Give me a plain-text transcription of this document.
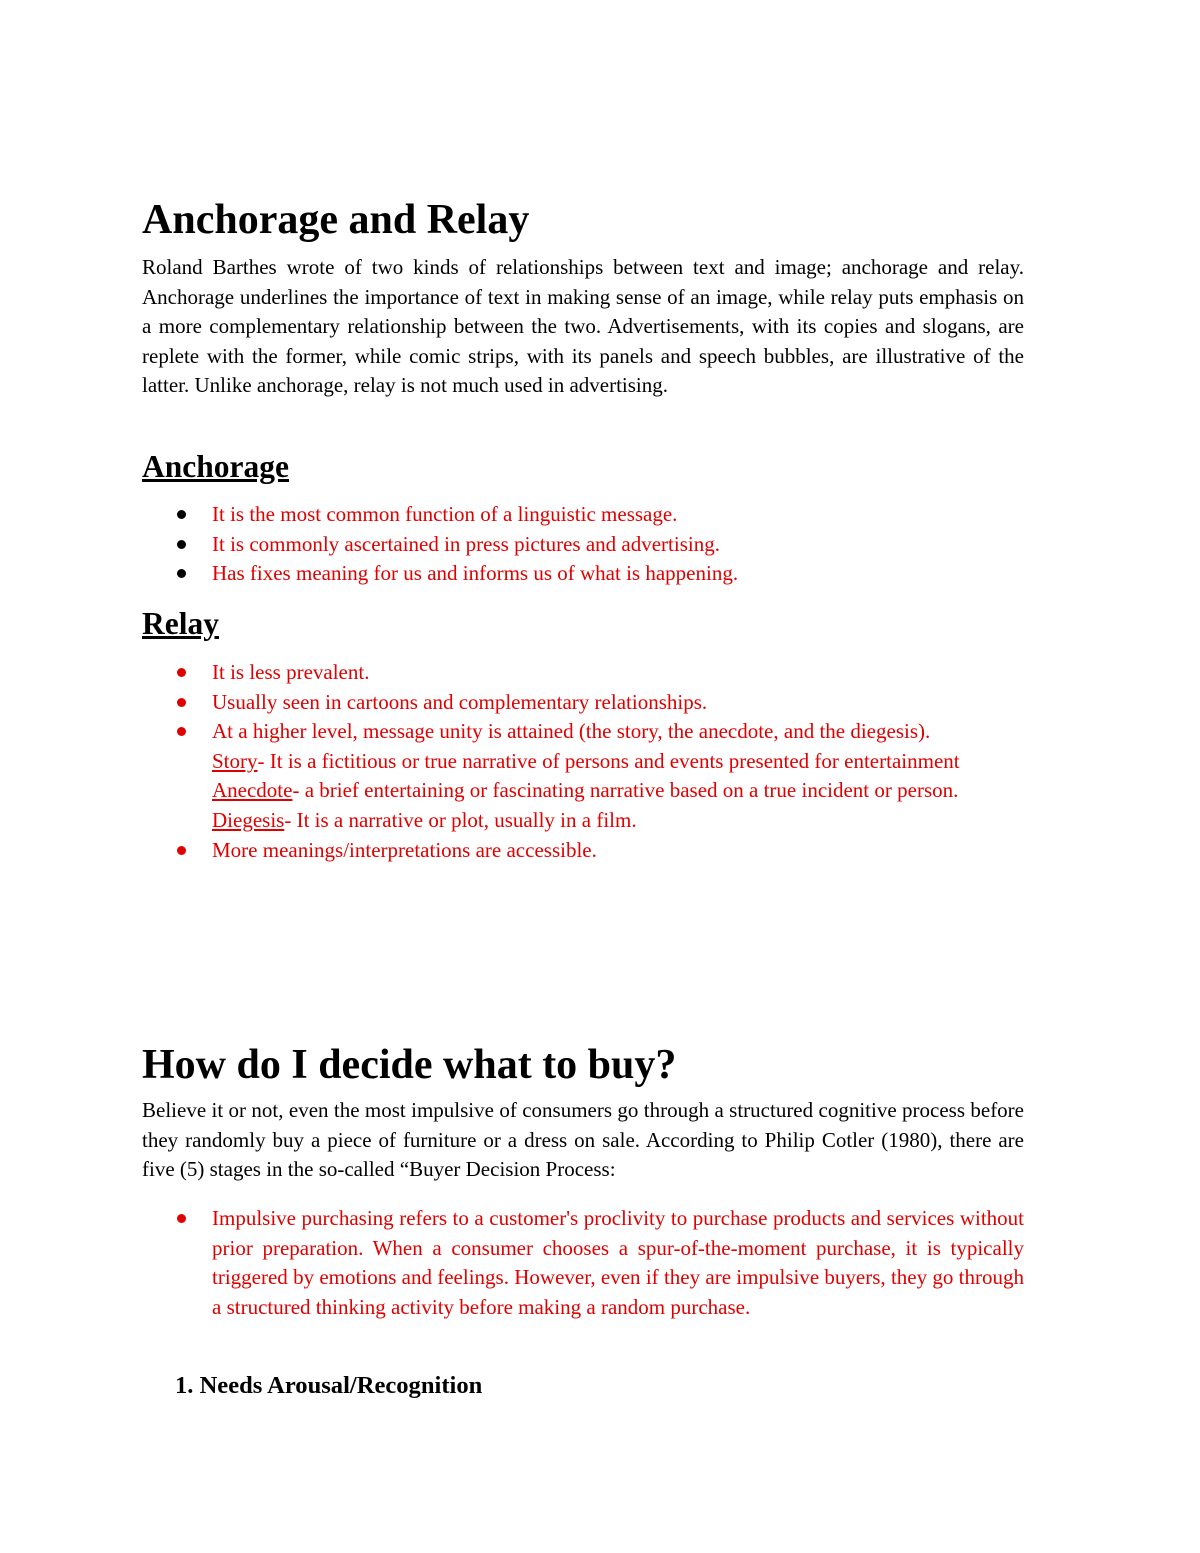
Anchorage and Relay

Roland Barthes wrote of two kinds of relationships between text and image; anchorage and relay. Anchorage underlines the importance of text in making sense of an image, while relay puts emphasis on a more complementary relationship between the two. Advertisements, with its copies and slogans, are replete with the former, while comic strips, with its panels and speech bubbles, are illustrative of the latter. Unlike anchorage, relay is not much used in advertising.

Anchorage
It is the most common function of a linguistic message.
It is commonly ascertained in press pictures and advertising.
Has fixes meaning for us and informs us of what is happening.
Relay
It is less prevalent.
Usually seen in cartoons and complementary relationships.
At a higher level, message unity is attained (the story, the anecdote, and the diegesis).
Story- It is a fictitious or true narrative of persons and events presented for entertainment
Anecdote- a brief entertaining or fascinating narrative based on a true incident or person.
Diegesis- It is a narrative or plot, usually in a film.
More meanings/interpretations are accessible.
How do I decide what to buy?

Believe it or not, even the most impulsive of consumers go through a structured cognitive process before they randomly buy a piece of furniture or a dress on sale. According to Philip Cotler (1980), there are five (5) stages in the so-called “Buyer Decision Process:

Impulsive purchasing refers to a customer's proclivity to purchase products and services without prior preparation. When a consumer chooses a spur-of-the-moment purchase, it is typically triggered by emotions and feelings. However, even if they are impulsive buyers, they go through a structured thinking activity before making a random purchase.
1. Needs Arousal/Recognition
